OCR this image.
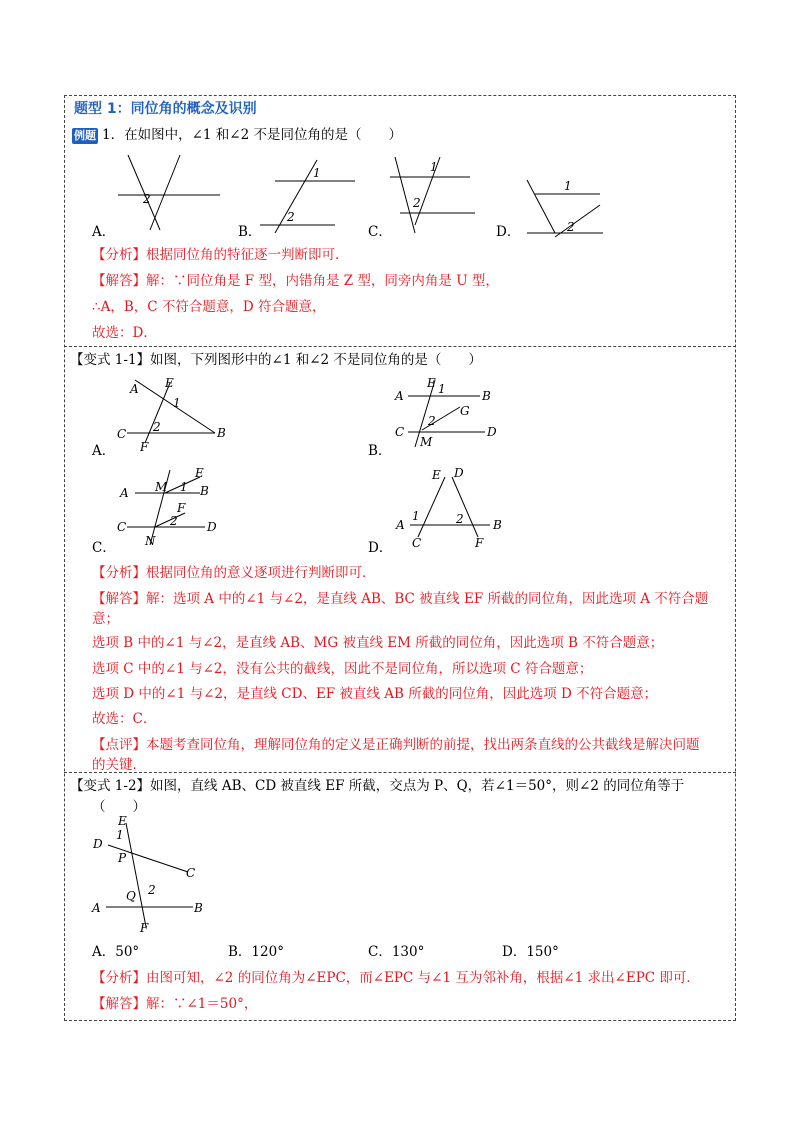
题型 1：同位角的概念及识别
例题 1．在如图中，∠1 和∠2 不是同位角的是（　　）
2
A．
1
2
B．
1
2
C．
1
2
D．
【分析】根据同位角的特征逐一判断即可．
【解答】解：∵同位角是 F 型，内错角是 Z 型，同旁内角是 U 型，
∴A，B，C 不符合题意，D 符合题意，
故选：D．
【变式 1-1】如图，下列图形中的∠1 和∠2 不是同位角的是（　　）
A E
1
C 2
F
B
A．
A
E 1	B
2
G
C
M
D
B．
E
A M 1 B
F
2
C	D
N
C．
E D
1	2
A	B
C	F
D．
【分析】根据同位角的意义逐项进行判断即可．
【解答】解：选项 A 中的∠1 与∠2，是直线 AB、BC 被直线 EF 所截的同位角，因此选项 A 不符合题
意；
选项 B 中的∠1 与∠2，是直线 AB、MG 被直线 EM 所截的同位角，因此选项 B 不符合题意；
选项 C 中的∠1 与∠2，没有公共的截线，因此不是同位角，所以选项 C 符合题意；
选项 D 中的∠1 与∠2，是直线 CD、EF 被直线 AB 所截的同位角，因此选项 D 不符合题意；
故选：C．
【点评】本题考查同位角，理解同位角的定义是正确判断的前提，找出两条直线的公共截线是解决问题
的关键．
【变式 1-2】如图，直线 AB、CD 被直线 EF 所截，交点为 P、Q，若∠1＝50°，则∠2 的同位角等于
（　　）
E
D
1
P
C
Q 2
A	B
F
A．50°	B．120°	C．130°	D．150°
【分析】由图可知，∠2 的同位角为∠EPC，而∠EPC 与∠1 互为邻补角，根据∠1 求出∠EPC 即可．
【解答】解：∵∠1＝50°，
